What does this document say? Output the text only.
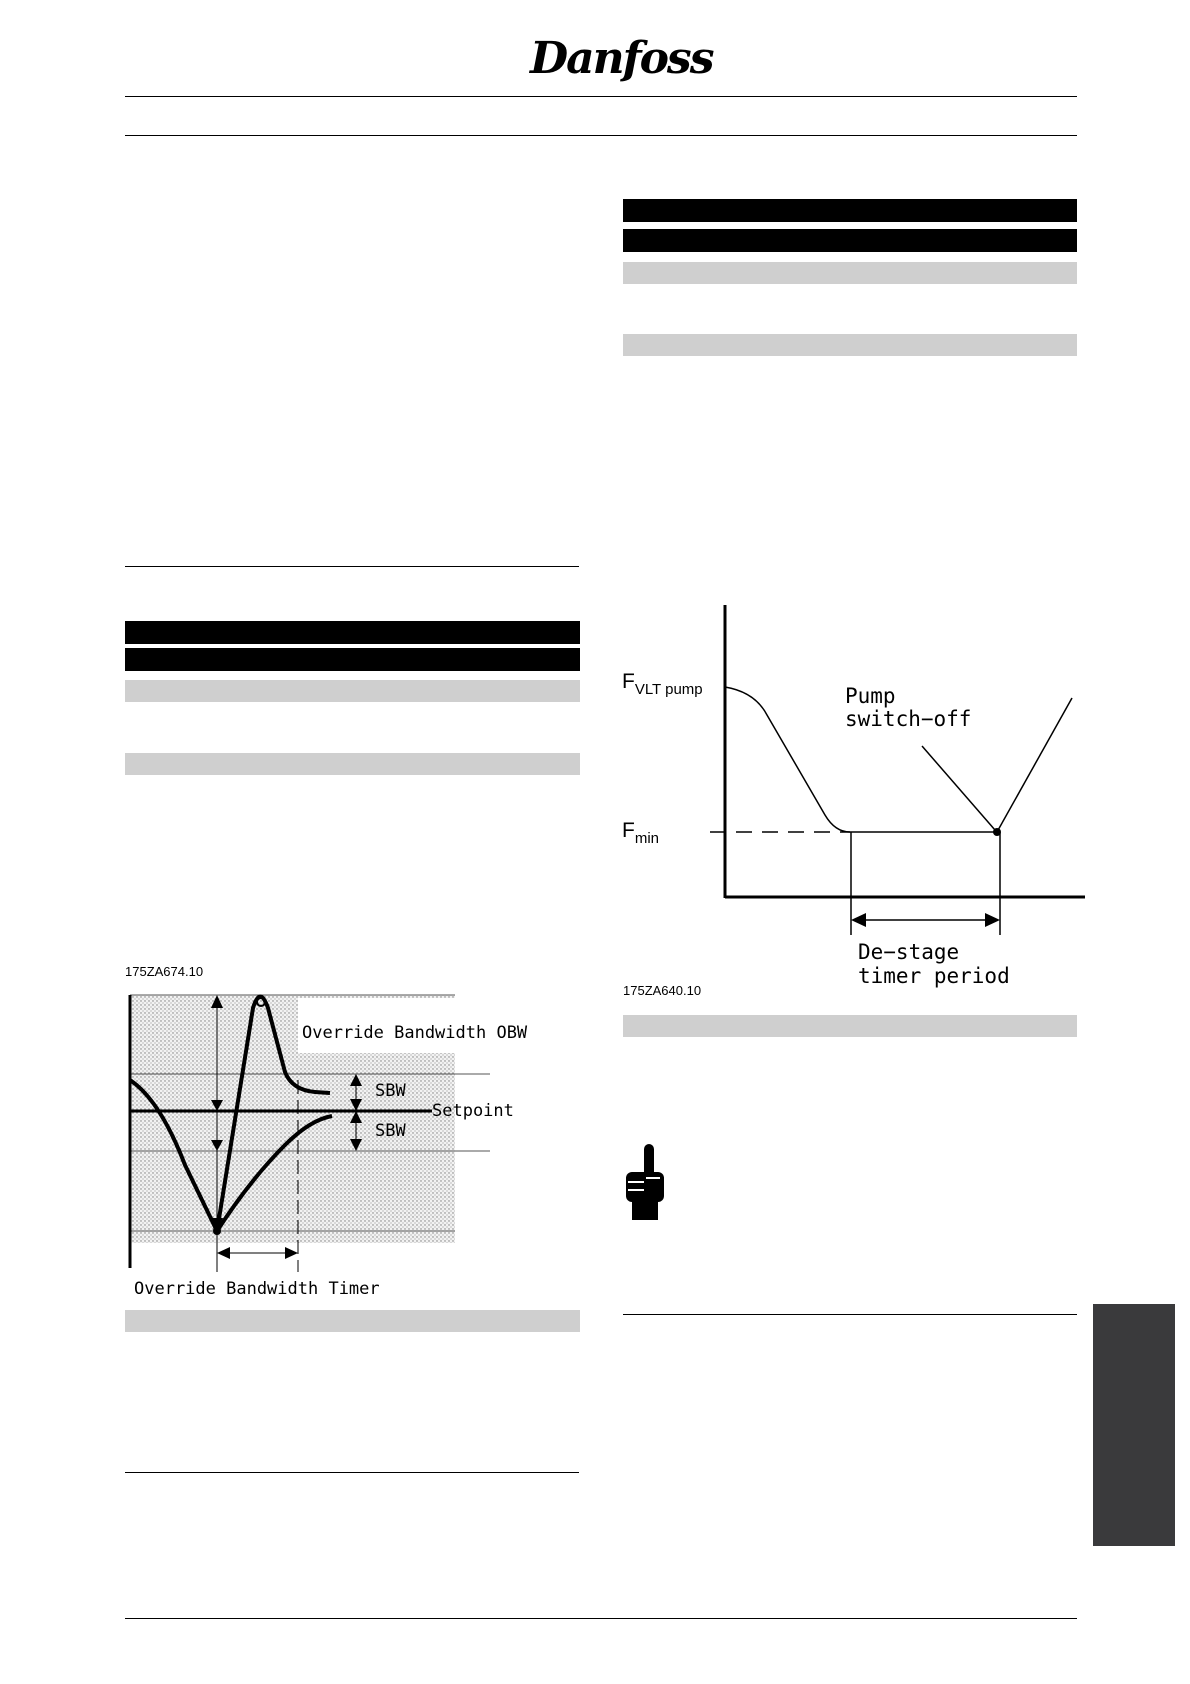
Danfoss
175ZA674.10
Override Bandwidth OBW
SBW
Setpoint
SBW
Override Bandwidth Timer
$F_{VLT pump}$
$F_{min}$
Pump
switch−off
De−stage
timer period
175ZA640.10
